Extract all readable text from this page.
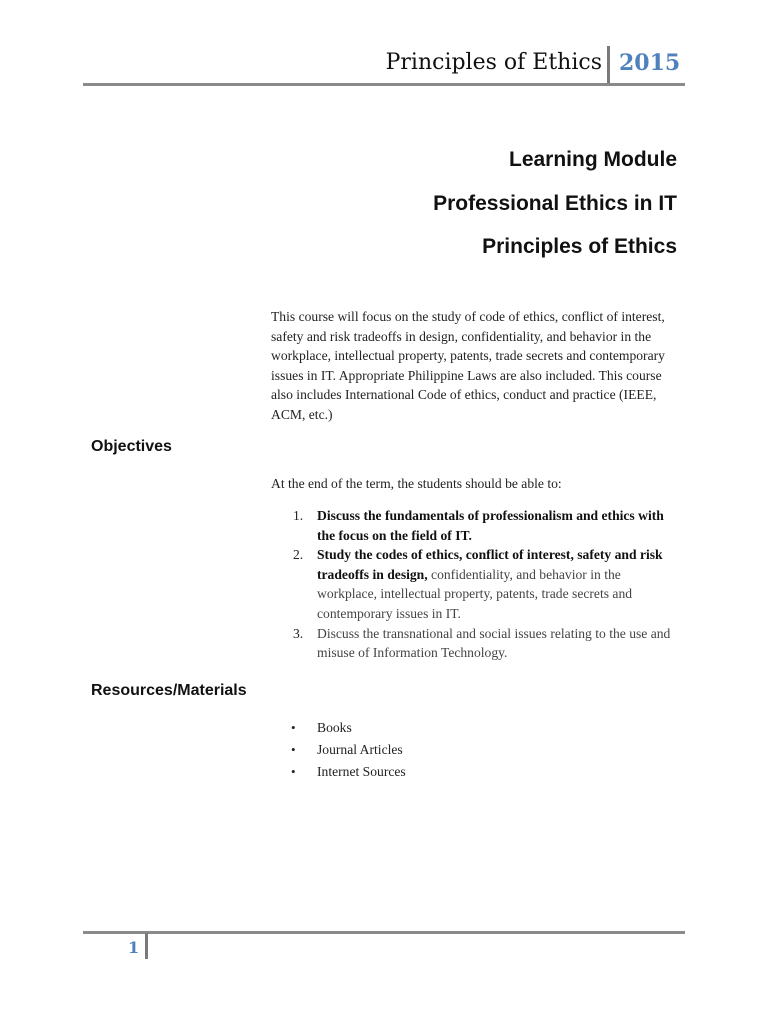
Principles of Ethics 2015
Learning Module
Professional Ethics in IT
Principles of Ethics
This course will focus on the study of code of ethics, conflict of interest, safety and risk tradeoffs in design, confidentiality, and behavior in the workplace, intellectual property, patents, trade secrets and contemporary issues in IT. Appropriate Philippine Laws are also included. This course also includes International Code of ethics, conduct and practice (IEEE, ACM, etc.)
Objectives
At the end of the term, the students should be able to:
1. Discuss the fundamentals of professionalism and ethics with the focus on the field of IT.
2. Study the codes of ethics, conflict of interest, safety and risk tradeoffs in design, confidentiality, and behavior in the workplace, intellectual property, patents, trade secrets and contemporary issues in IT.
3. Discuss the transnational and social issues relating to the use and misuse of Information Technology.
Resources/Materials
• Books
• Journal Articles
• Internet Sources
1
